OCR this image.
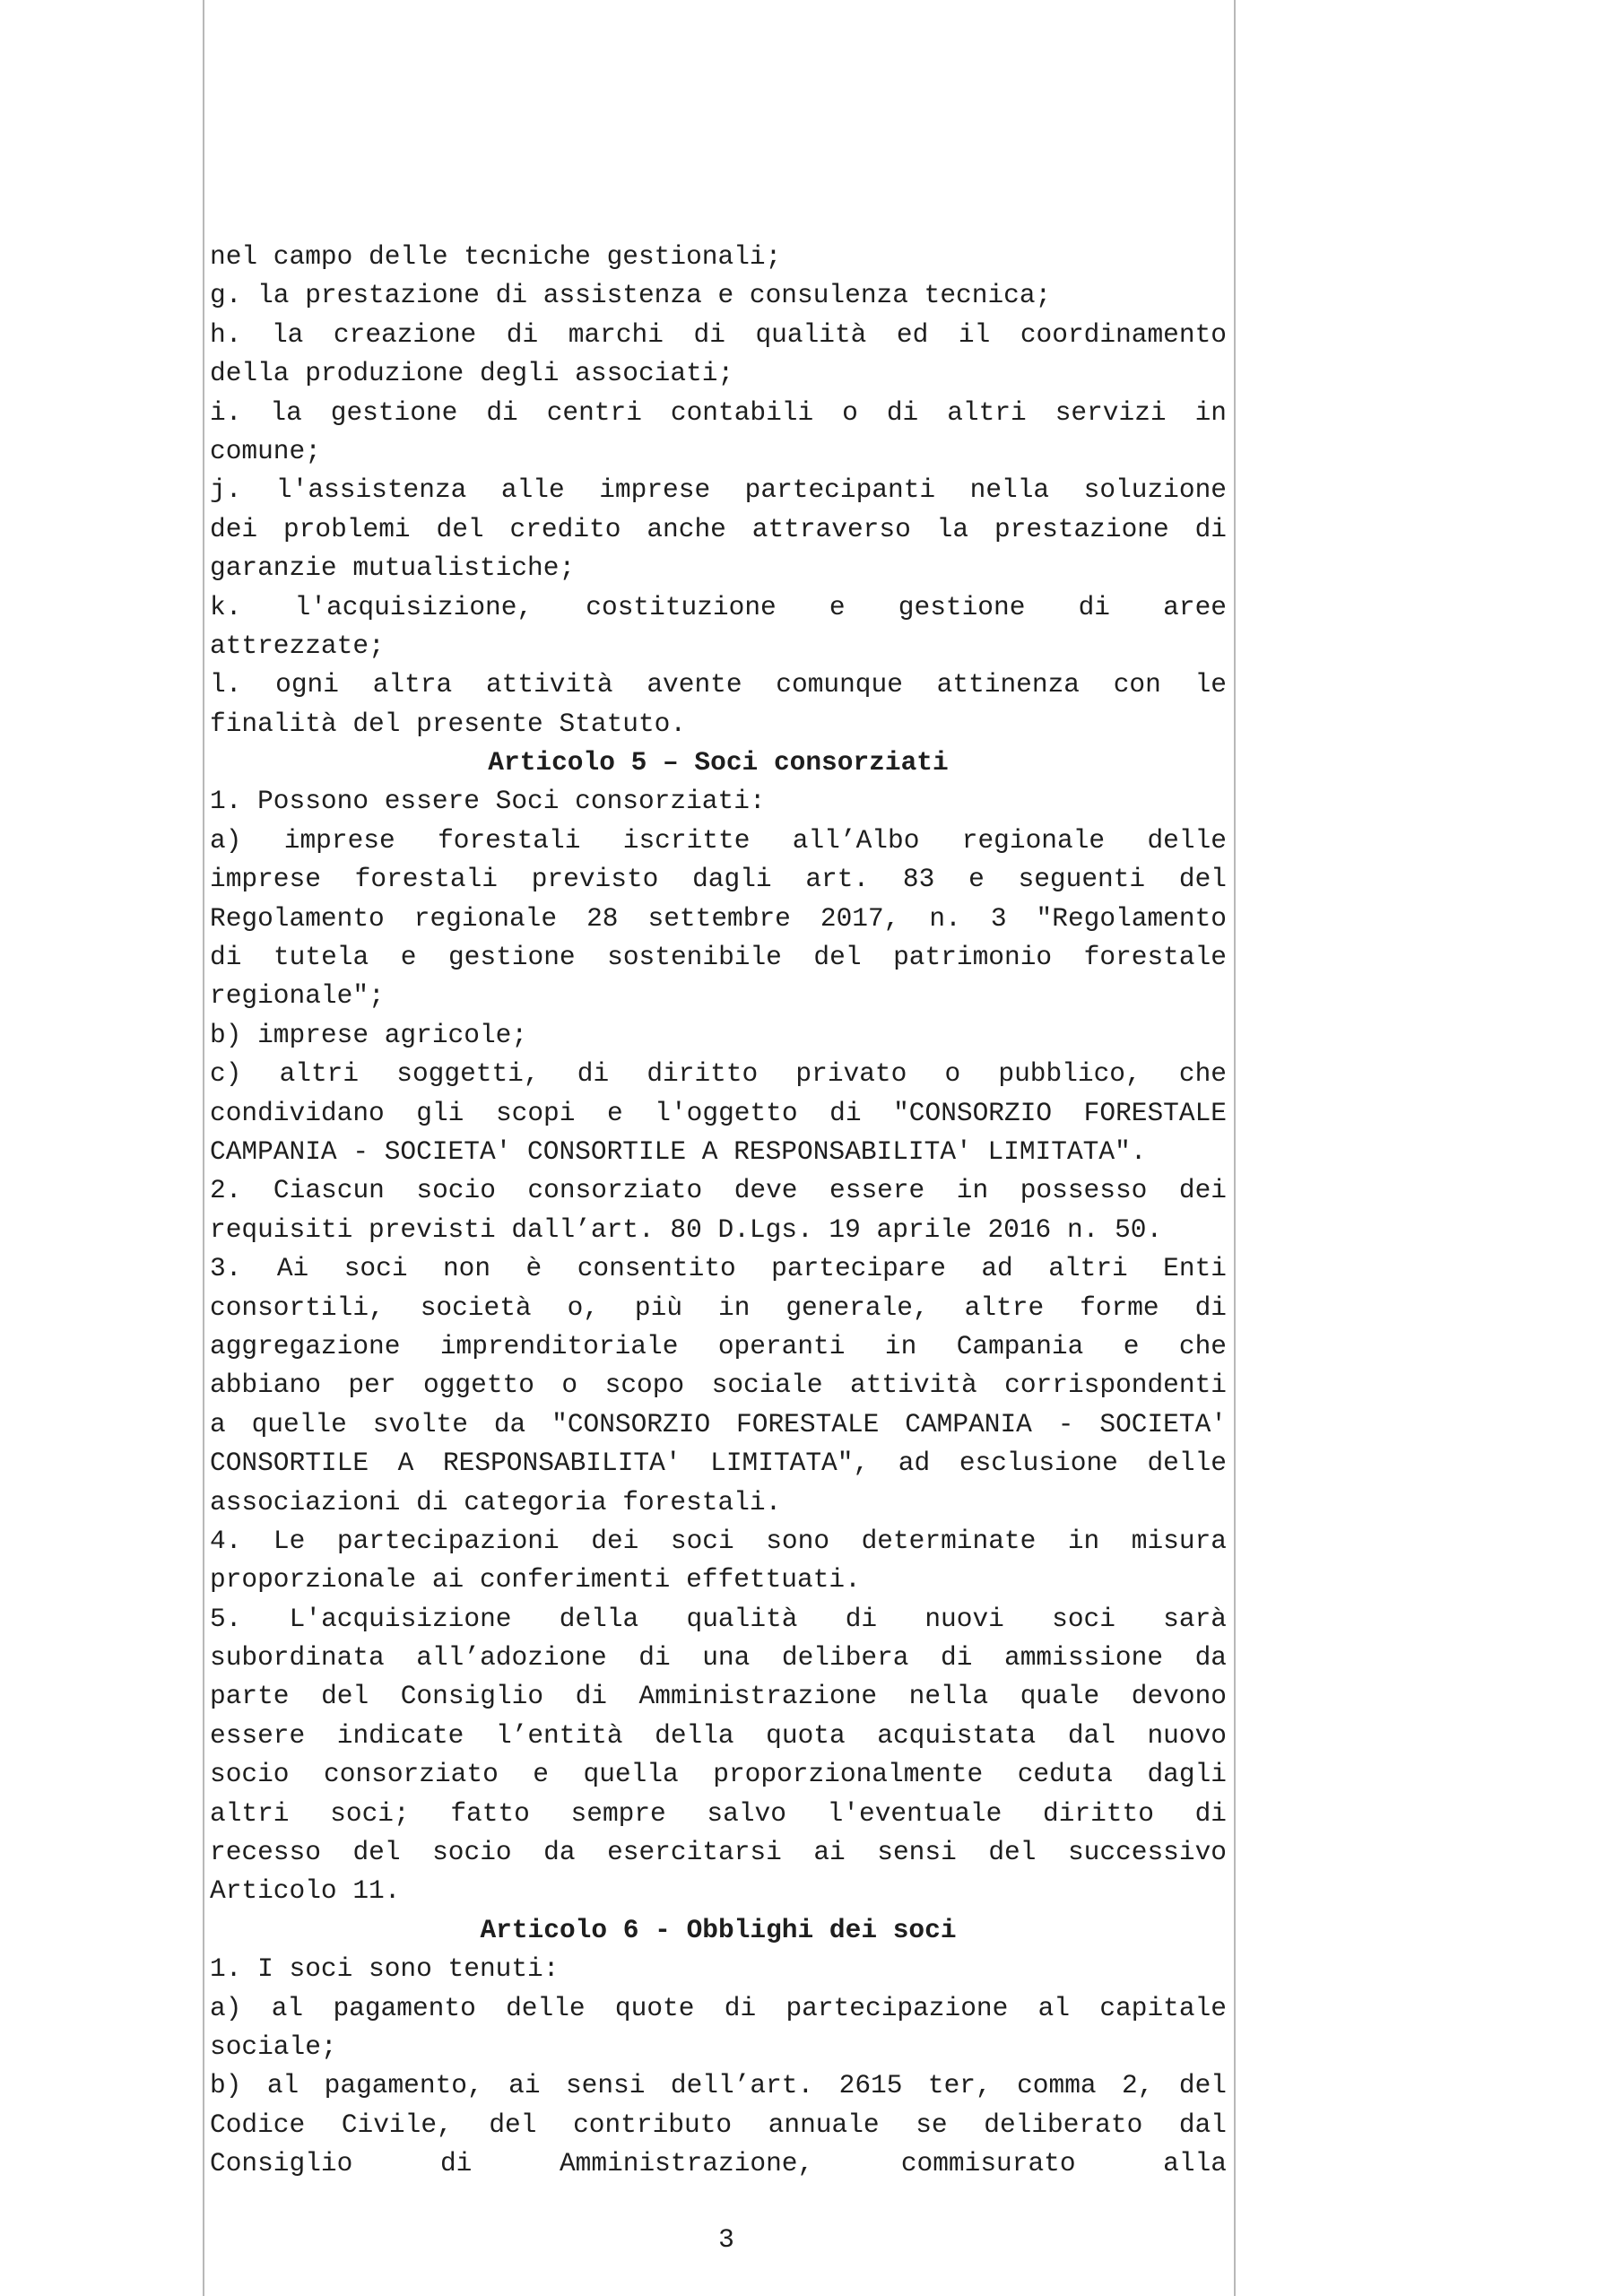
nel campo delle tecniche gestionali;
g. la prestazione di assistenza e consulenza tecnica;
h. la creazione di marchi di qualità ed il coordinamento
della produzione degli associati;
i. la gestione di centri contabili o di altri servizi in
comune;
j. l'assistenza alle imprese partecipanti nella soluzione
dei problemi del credito anche attraverso la prestazione di
garanzie mutualistiche;
k. l'acquisizione, costituzione e gestione di aree
attrezzate;
l. ogni altra attività avente comunque attinenza con le
finalità del presente Statuto.
Articolo 5 – Soci consorziati
1. Possono essere Soci consorziati:
a) imprese forestali iscritte all’Albo regionale delle
imprese forestali previsto dagli art. 83 e seguenti del
Regolamento regionale 28 settembre 2017, n. 3 "Regolamento
di tutela e gestione sostenibile del patrimonio forestale
regionale";
b) imprese agricole;
c) altri soggetti, di diritto privato o pubblico, che
condividano gli scopi e l'oggetto di "CONSORZIO FORESTALE
CAMPANIA - SOCIETA' CONSORTILE A RESPONSABILITA' LIMITATA".
2. Ciascun socio consorziato deve essere in possesso dei
requisiti previsti dall’art. 80 D.Lgs. 19 aprile 2016 n. 50.
3. Ai soci non è consentito partecipare ad altri Enti
consortili, società o, più in generale, altre forme di
aggregazione imprenditoriale operanti in Campania e che
abbiano per oggetto o scopo sociale attività corrispondenti
a quelle svolte da "CONSORZIO FORESTALE CAMPANIA - SOCIETA'
CONSORTILE A RESPONSABILITA' LIMITATA", ad esclusione delle
associazioni di categoria forestali.
4. Le partecipazioni dei soci sono determinate in misura
proporzionale ai conferimenti effettuati.
5. L'acquisizione della qualità di nuovi soci sarà
subordinata all’adozione di una delibera di ammissione da
parte del Consiglio di Amministrazione nella quale devono
essere indicate l’entità della quota acquistata dal nuovo
socio consorziato e quella proporzionalmente ceduta dagli
altri soci; fatto sempre salvo l'eventuale diritto di
recesso del socio da esercitarsi ai sensi del successivo
Articolo 11.
Articolo 6 - Obblighi dei soci
1. I soci sono tenuti:
a) al pagamento delle quote di partecipazione al capitale
sociale;
b) al pagamento, ai sensi dell’art. 2615 ter, comma 2, del
Codice Civile, del contributo annuale se deliberato dal
Consiglio di Amministrazione, commisurato alla
3
